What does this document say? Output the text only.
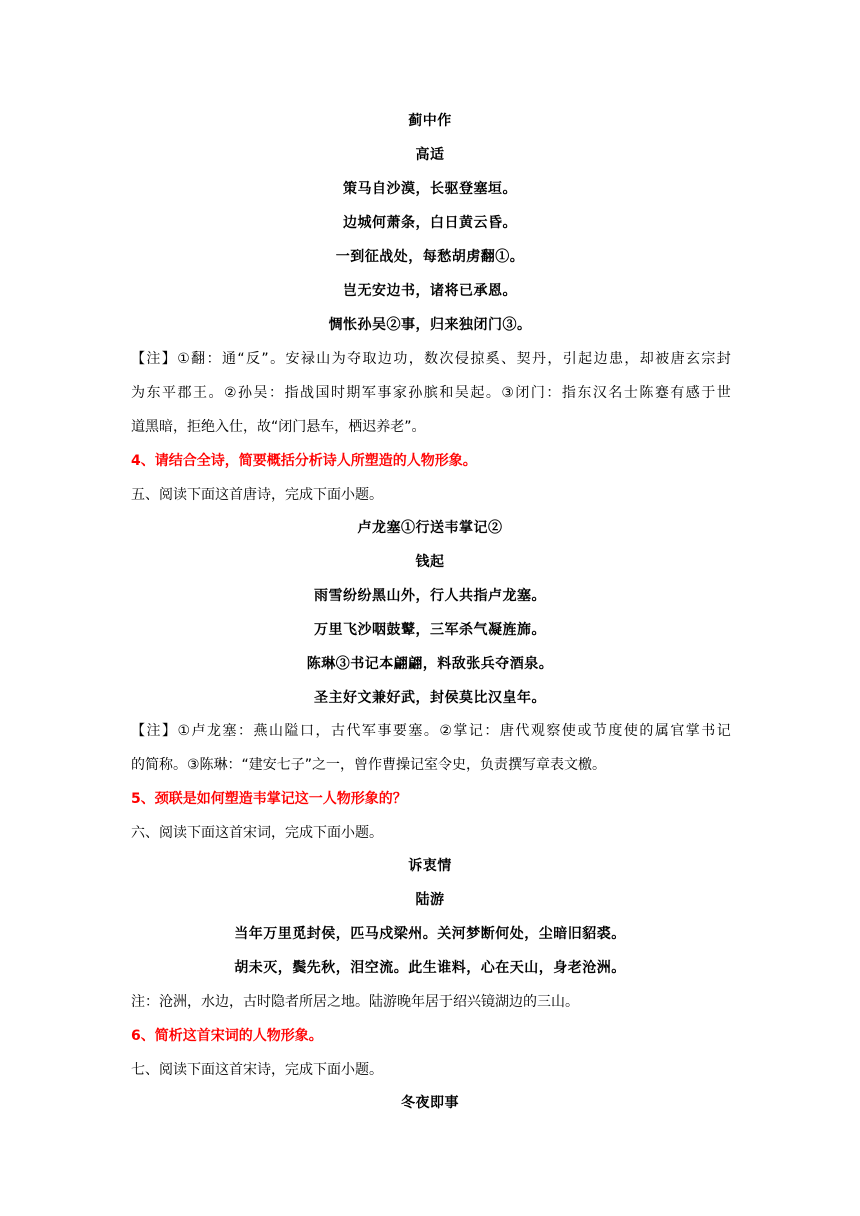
蓟中作
高适
策马自沙漠，长驱登塞垣。
边城何萧条，白日黄云昏。
一到征战处，每愁胡虏翻①。
岂无安边书，诸将已承恩。
惆怅孙吴②事，归来独闭门③。
【注】①翻：通“反”。安禄山为夺取边功，数次侵掠奚、契丹，引起边患，却被唐玄宗封
为东平郡王。②孙吴：指战国时期军事家孙膑和吴起。③闭门：指东汉名士陈蹇有感于世
道黑暗，拒绝入仕，故“闭门悬车，栖迟养老”。
4、请结合全诗，简要概括分析诗人所塑造的人物形象。
五、阅读下面这首唐诗，完成下面小题。
卢龙塞①行送韦掌记②
钱起
雨雪纷纷黑山外，行人共指卢龙塞。
万里飞沙咽鼓鼙，三军杀气凝旌旆。
陈琳③书记本翩翩，料敌张兵夺酒泉。
圣主好文兼好武，封侯莫比汉皇年。
【注】①卢龙塞：燕山隘口，古代军事要塞。②掌记：唐代观察使或节度使的属官掌书记
的简称。③陈琳：“建安七子”之一，曾作曹操记室令史，负责撰写章表文檄。
5、颈联是如何塑造韦掌记这一人物形象的？
六、阅读下面这首宋词，完成下面小题。
诉衷情
陆游
当年万里觅封侯，匹马戍梁州。关河梦断何处，尘暗旧貂裘。
胡未灭，鬓先秋，泪空流。此生谁料，心在天山，身老沧洲。
注：沧洲，水边，古时隐者所居之地。陆游晚年居于绍兴镜湖边的三山。
6、简析这首宋词的人物形象。
七、阅读下面这首宋诗，完成下面小题。
冬夜即事
